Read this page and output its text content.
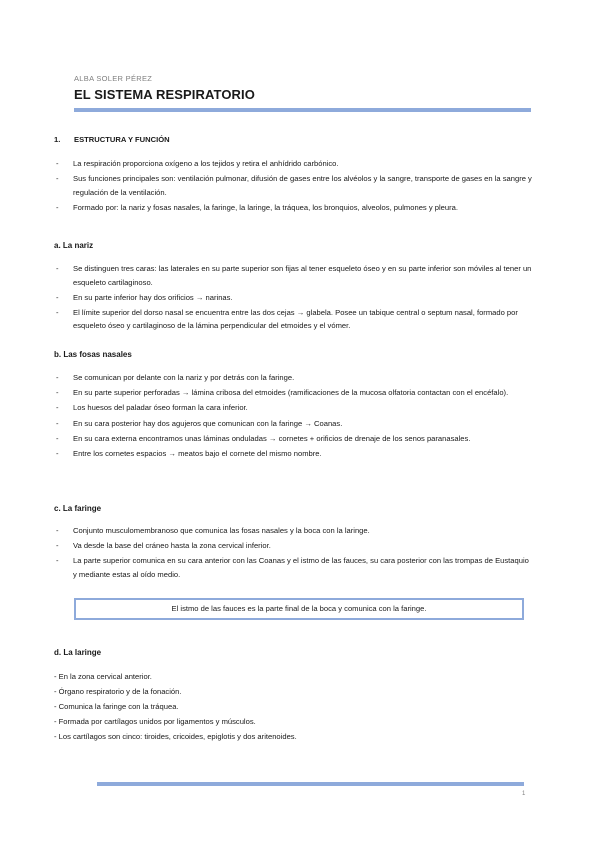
ALBA SOLER PÉREZ
EL SISTEMA RESPIRATORIO
1. ESTRUCTURA Y FUNCIÓN
- La respiración proporciona oxígeno a los tejidos y retira el anhídrido carbónico.
- Sus funciones principales son: ventilación pulmonar, difusión de gases entre los alvéolos y la sangre, transporte de gases en la sangre y regulación de la ventilación.
- Formado por: la nariz y fosas nasales, la faringe, la laringe, la tráquea, los bronquios, alveolos, pulmones y pleura.
a. La nariz
- Se distinguen tres caras: las laterales en su parte superior son fijas al tener esqueleto óseo y en su parte inferior son móviles al tener un esqueleto cartilaginoso.
- En su parte inferior hay dos orificios → narinas.
- El límite superior del dorso nasal se encuentra entre las dos cejas → glabela. Posee un tabique central o septum nasal, formado por esqueleto óseo y cartilaginoso de la lámina perpendicular del etmoides y el vómer.
b. Las fosas nasales
- Se comunican por delante con la nariz y por detrás con la faringe.
- En su parte superior perforadas → lámina cribosa del etmoides (ramificaciones de la mucosa olfatoria contactan con el encéfalo).
- Los huesos del paladar óseo forman la cara inferior.
- En su cara posterior hay dos agujeros que comunican con la faringe → Coanas.
- En su cara externa encontramos unas láminas onduladas → cornetes + orificios de drenaje de los senos paranasales.
- Entre los cornetes espacios → meatos bajo el cornete del mismo nombre.
c. La faringe
- Conjunto musculomembranoso que comunica las fosas nasales y la boca con la laringe.
- Va desde la base del cráneo hasta la zona cervical inferior.
- La parte superior comunica en su cara anterior con las Coanas y el istmo de las fauces, su cara posterior con las trompas de Eustaquio y mediante estas al oído medio.
El istmo de las fauces es la parte final de la boca y comunica con la faringe.
d. La laringe
- En la zona cervical anterior.
- Órgano respiratorio y de la fonación.
- Comunica la faringe con la tráquea.
- Formada por cartílagos unidos por ligamentos y músculos.
- Los cartílagos son cinco: tiroides, cricoides, epiglotis y dos aritenoides.
1
